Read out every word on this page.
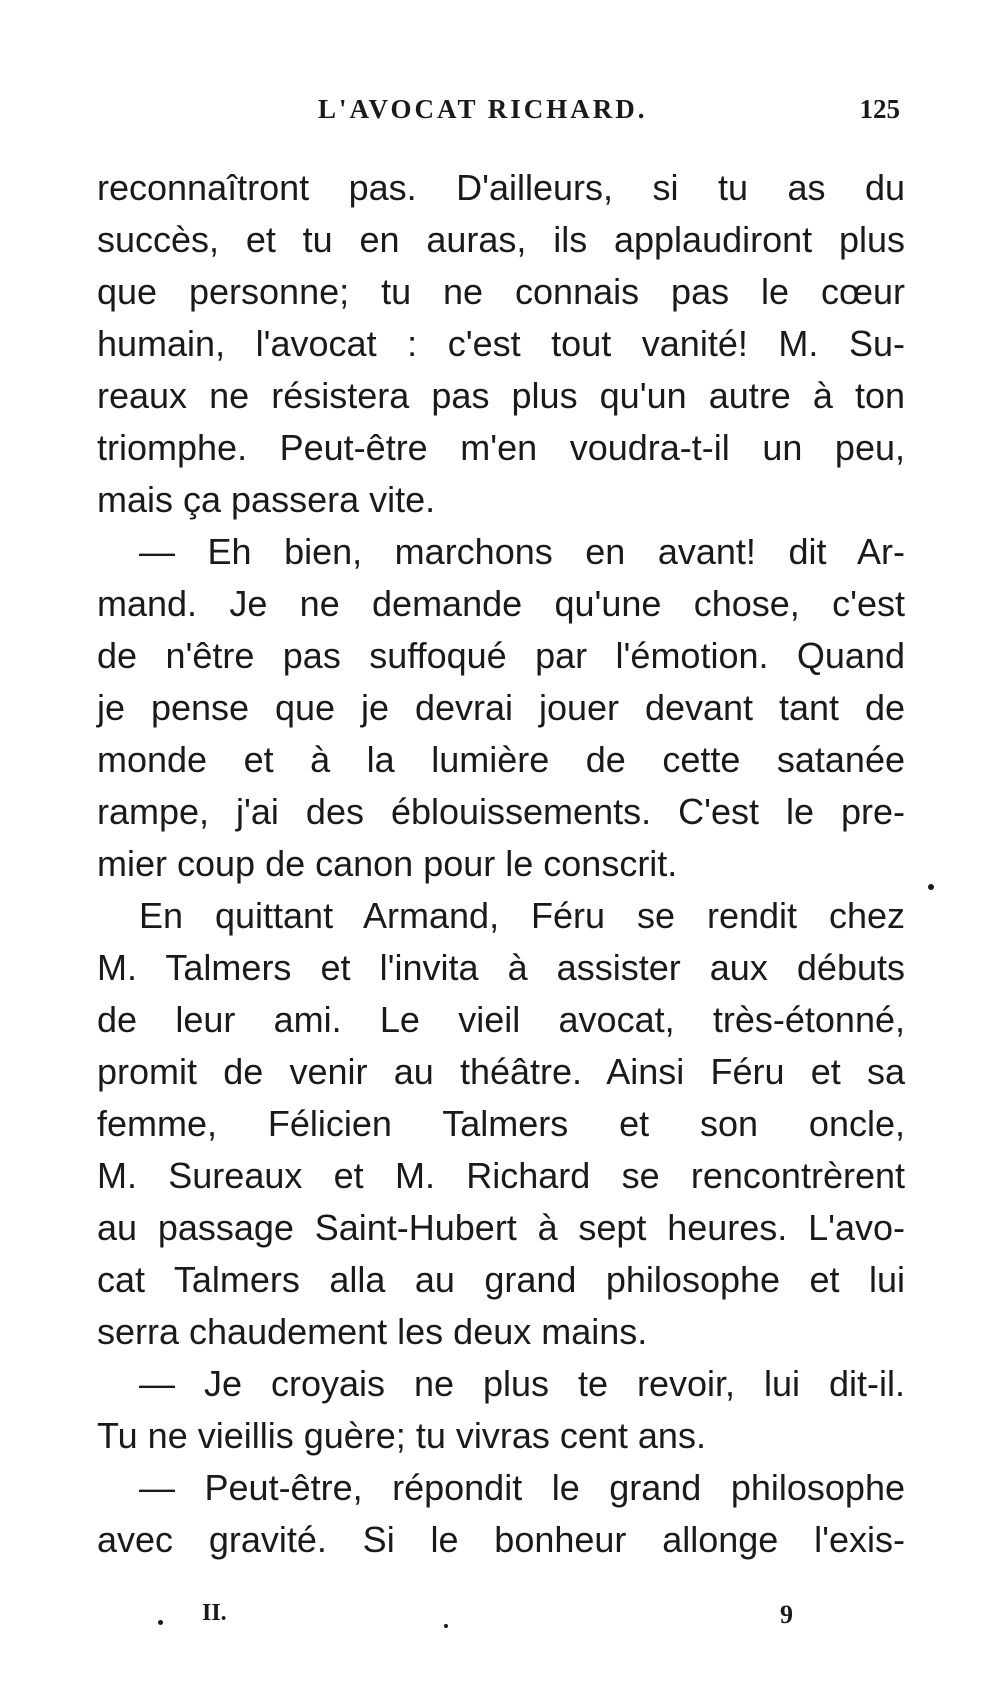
L'AVOCAT RICHARD.	125
reconnaîtront pas. D'ailleurs, si tu as du
succès, et tu en auras, ils applaudiront plus
que personne; tu ne connais pas le cœur
humain, l'avocat : c'est tout vanité! M. Su-
reaux ne résistera pas plus qu'un autre à ton
triomphe. Peut-être m'en voudra-t-il un peu,
mais ça passera vite.
— Eh bien, marchons en avant! dit Ar-
mand. Je ne demande qu'une chose, c'est
de n'être pas suffoqué par l'émotion. Quand
je pense que je devrai jouer devant tant de
monde et à la lumière de cette satanée
rampe, j'ai des éblouissements. C'est le pre-
mier coup de canon pour le conscrit.
En quittant Armand, Féru se rendit chez
M. Talmers et l'invita à assister aux débuts
de leur ami. Le vieil avocat, très-étonné,
promit de venir au théâtre. Ainsi Féru et sa
femme, Félicien Talmers et son oncle,
M. Sureaux et M. Richard se rencontrèrent
au passage Saint-Hubert à sept heures. L'avo-
cat Talmers alla au grand philosophe et lui
serra chaudement les deux mains.
— Je croyais ne plus te revoir, lui dit-il.
Tu ne vieillis guère; tu vivras cent ans.
— Peut-être, répondit le grand philosophe
avec gravité. Si le bonheur allonge l'exis-
II.	9
